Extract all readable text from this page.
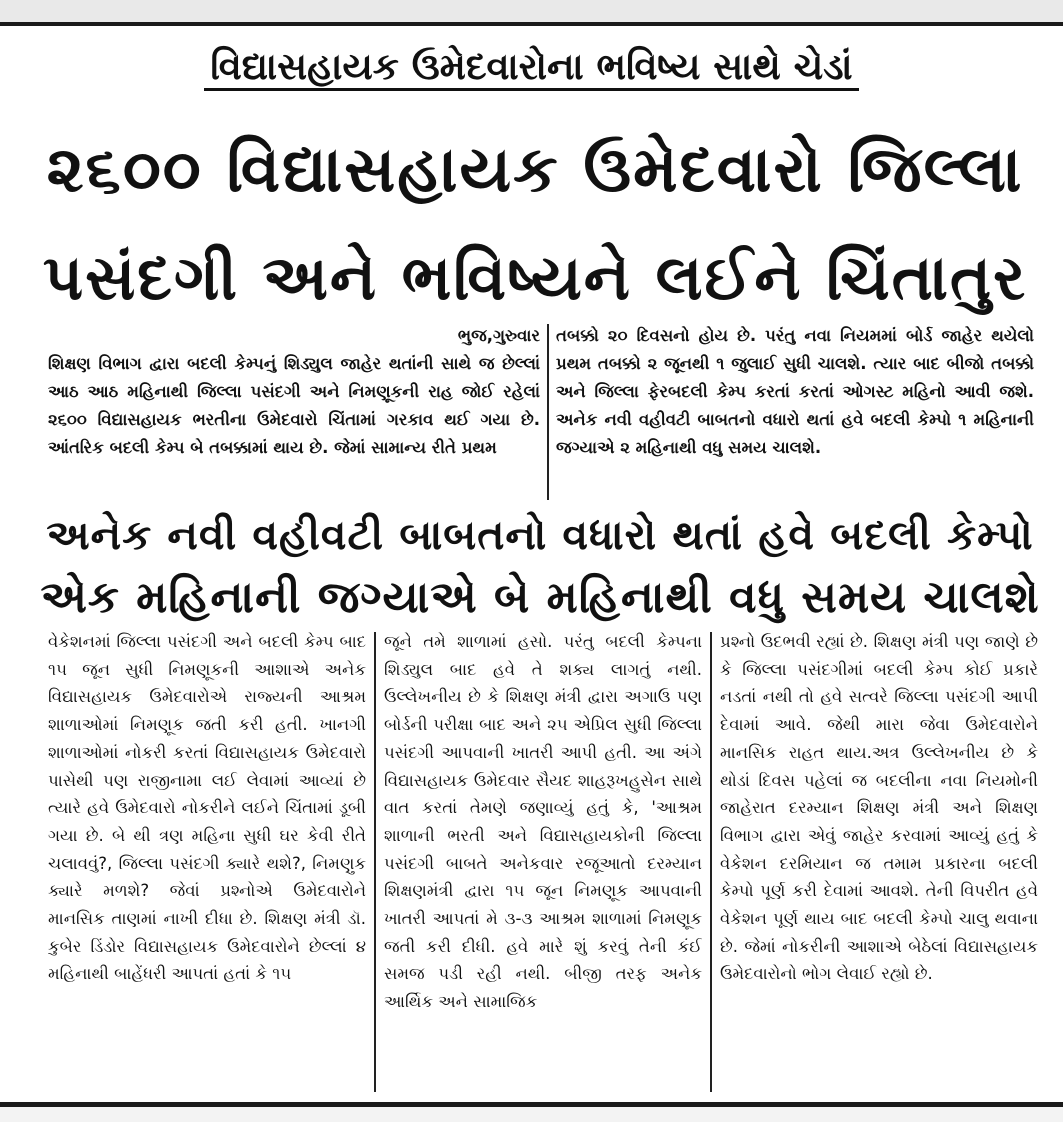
વિદ્યાસહાયક ઉમેદવારોના ભવિષ્ય સાથે ચેડાં
૨૬૦૦ વિદ્યાસહાયક ઉમેદવારો જિલ્લા
પસંદગી અને ભવિષ્યને લઈને ચિંતાતુર
ભુજ,ગુરુવાર
શિક્ષણ વિભાગ દ્વારા બદલી કેમ્પનું શિડ્યુલ જાહેર થતાંની સાથે જ છેલ્લાં આઠ આઠ મહિનાથી જિલ્લા પસંદગી અને નિમણૂકની રાહ જોઈ રહેલાં ૨૬૦૦ વિદ્યાસહાયક ભરતીના ઉમેદવારો ચિંતામાં ગરકાવ થઈ ગયા છે. આંતરિક બદલી કેમ્પ બે તબક્કામાં થાય છે. જેમાં સામાન્ય રીતે પ્રથમ
તબક્કો ૨૦ દિવસનો હોય છે. પરંતુ નવા નિયમમાં બોર્ડ જાહેર થયેલો પ્રથમ તબક્કો ૨ જૂનથી ૧ જુલાઈ સુધી ચાલશે. ત્યાર બાદ બીજો તબક્કો અને જિલ્લા ફેરબદલી કેમ્પ કરતાં કરતાં ઓગસ્ટ મહિનો આવી જશે. અનેક નવી વહીવટી બાબતનો વધારો થતાં હવે બદલી કેમ્પો ૧ મહિનાની જગ્યાએ ૨ મહિનાથી વધુ સમય ચાલશે.
અનેક નવી વહીવટી બાબતનો વધારો થતાં હવે બદલી કેમ્પો
એક મહિનાની જગ્યાએ બે મહિનાથી વધુ સમય ચાલશે
વેકેશનમાં જિલ્લા પસંદગી અને બદલી કેમ્પ બાદ ૧૫ જૂન સુધી નિમણૂકની આશાએ અનેક વિદ્યાસહાયક ઉમેદવારોએ રાજ્યની આશ્રમ શાળાઓમાં નિમણૂક જતી કરી હતી. ખાનગી શાળાઓમાં નોકરી કરતાં વિદ્યાસહાયક ઉમેદવારો પાસેથી પણ રાજીનામા લઈ લેવામાં આવ્યાં છે ત્યારે હવે ઉમેદવારો નોકરીને લઈને ચિંતામાં ડૂબી ગયા છે. બે થી ત્રણ મહિના સુધી ઘર કેવી રીતે ચલાવવું?, જિલ્લા પસંદગી ક્યારે થશે?, નિમણુક ક્યારે મળશે? જેવાં પ્રશ્નોએ ઉમેદવારોને માનસિક તાણમાં નાખી દીધા છે. શિક્ષણ મંત્રી ડૉ. કુબેર ડિંડોર વિદ્યાસહાયક ઉમેદવારોને છેલ્લાં ૪ મહિનાથી બાહેંધરી આપતાં હતાં કે ૧૫
જૂને તમે શાળામાં હસો. પરંતુ બદલી કેમ્પના શિડ્યુલ બાદ હવે તે શક્ય લાગતું નથી. ઉલ્લેખનીય છે કે શિક્ષણ મંત્રી દ્વારા અગાઉ પણ બોર્ડની પરીક્ષા બાદ અને ૨૫ એપ્રિલ સુધી જિલ્લા પસંદગી આપવાની ખાતરી આપી હતી. આ અંગે વિદ્યાસહાયક ઉમેદવાર સૈયદ શાહરૂખહુસેન સાથે વાત કરતાં તેમણે જણાવ્યું હતું કે, 'આશ્રમ શાળાની ભરતી અને વિદ્યાસહાયકોની જિલ્લા પસંદગી બાબતે અનેકવાર રજૂઆતો દરમ્યાન શિક્ષણમંત્રી દ્વારા ૧૫ જૂન નિમણૂક આપવાની ખાતરી આપતાં મે ૩-૩ આશ્રમ શાળામાં નિમણૂક જતી કરી દીધી. હવે મારે શું કરવું તેની કંઈ સમજ પડી રહી નથી. બીજી તરફ અનેક આર્થિક અને સામાજિક
પ્રશ્નો ઉદભવી રહ્યાં છે. શિક્ષણ મંત્રી પણ જાણે છે કે જિલ્લા પસંદગીમાં બદલી કેમ્પ કોઈ પ્રકારે નડતાં નથી તો હવે સત્વરે જિલ્લા પસંદગી આપી દેવામાં આવે. જેથી મારા જેવા ઉમેદવારોને માનસિક રાહત થાય.અત્ર ઉલ્લેખનીય છે કે થોડાં દિવસ પહેલાં જ બદલીના નવા નિયમોની જાહેરાત દરમ્યાન શિક્ષણ મંત્રી અને શિક્ષણ વિભાગ દ્વારા એવું જાહેર કરવામાં આવ્યું હતું કે વેકેશન દરમિયાન જ તમામ પ્રકારના બદલી કેમ્પો પૂર્ણ કરી દેવામાં આવશે. તેની વિપરીત હવે વેકેશન પૂર્ણ થાય બાદ બદલી કેમ્પો ચાલુ થવાના છે. જેમાં નોકરીની આશાએ બેઠેલાં વિદ્યાસહાયક ઉમેદવારોનો ભોગ લેવાઈ રહ્યો છે.
